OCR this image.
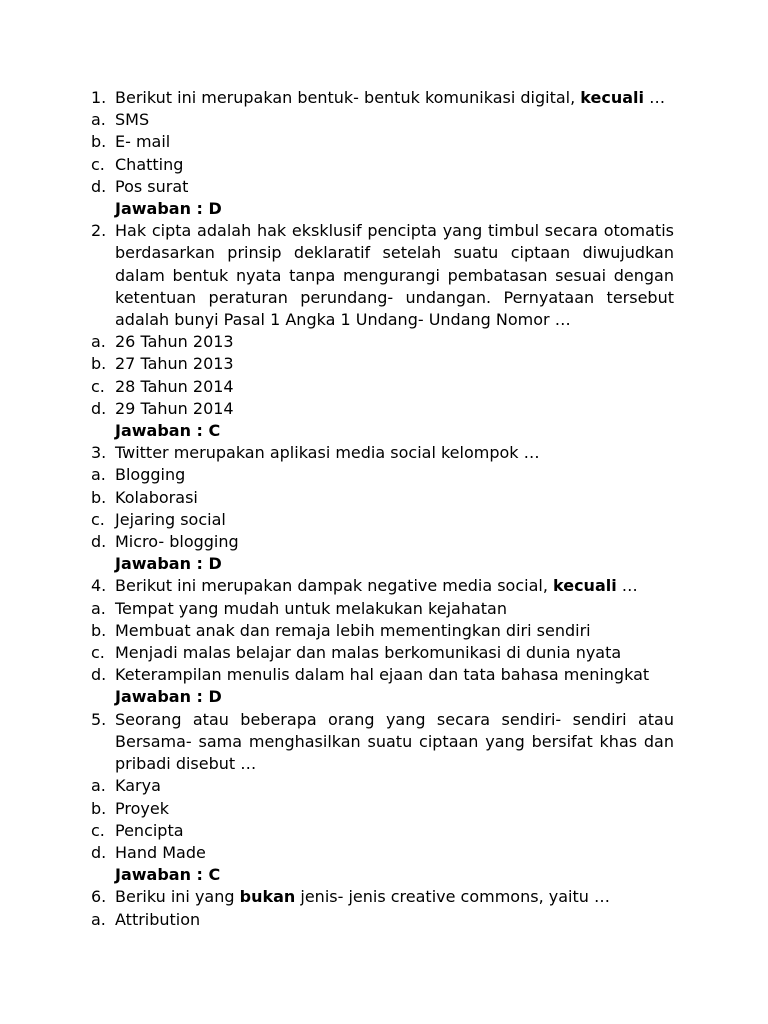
1. Berikut ini merupakan bentuk- bentuk komunikasi digital, kecuali …
a. SMS
b. E- mail
c. Chatting
d. Pos surat
Jawaban : D
2. Hak cipta adalah hak eksklusif pencipta yang timbul secara otomatis berdasarkan prinsip deklaratif setelah suatu ciptaan diwujudkan dalam bentuk nyata tanpa mengurangi pembatasan sesuai dengan ketentuan peraturan perundang- undangan. Pernyataan tersebut adalah bunyi Pasal 1 Angka 1 Undang- Undang Nomor …
a. 26 Tahun 2013
b. 27 Tahun 2013
c. 28 Tahun 2014
d. 29 Tahun 2014
Jawaban : C
3. Twitter merupakan aplikasi media social kelompok …
a. Blogging
b. Kolaborasi
c. Jejaring social
d. Micro- blogging
Jawaban : D
4. Berikut ini merupakan dampak negative media social, kecuali …
a. Tempat yang mudah untuk melakukan kejahatan
b. Membuat anak dan remaja lebih mementingkan diri sendiri
c. Menjadi malas belajar dan malas berkomunikasi di dunia nyata
d. Keterampilan menulis dalam hal ejaan dan tata bahasa meningkat
Jawaban : D
5. Seorang atau beberapa orang yang secara sendiri- sendiri atau Bersama- sama menghasilkan suatu ciptaan yang bersifat khas dan pribadi disebut …
a. Karya
b. Proyek
c. Pencipta
d. Hand Made
Jawaban : C
6. Beriku ini yang bukan jenis- jenis creative commons, yaitu …
a. Attribution
